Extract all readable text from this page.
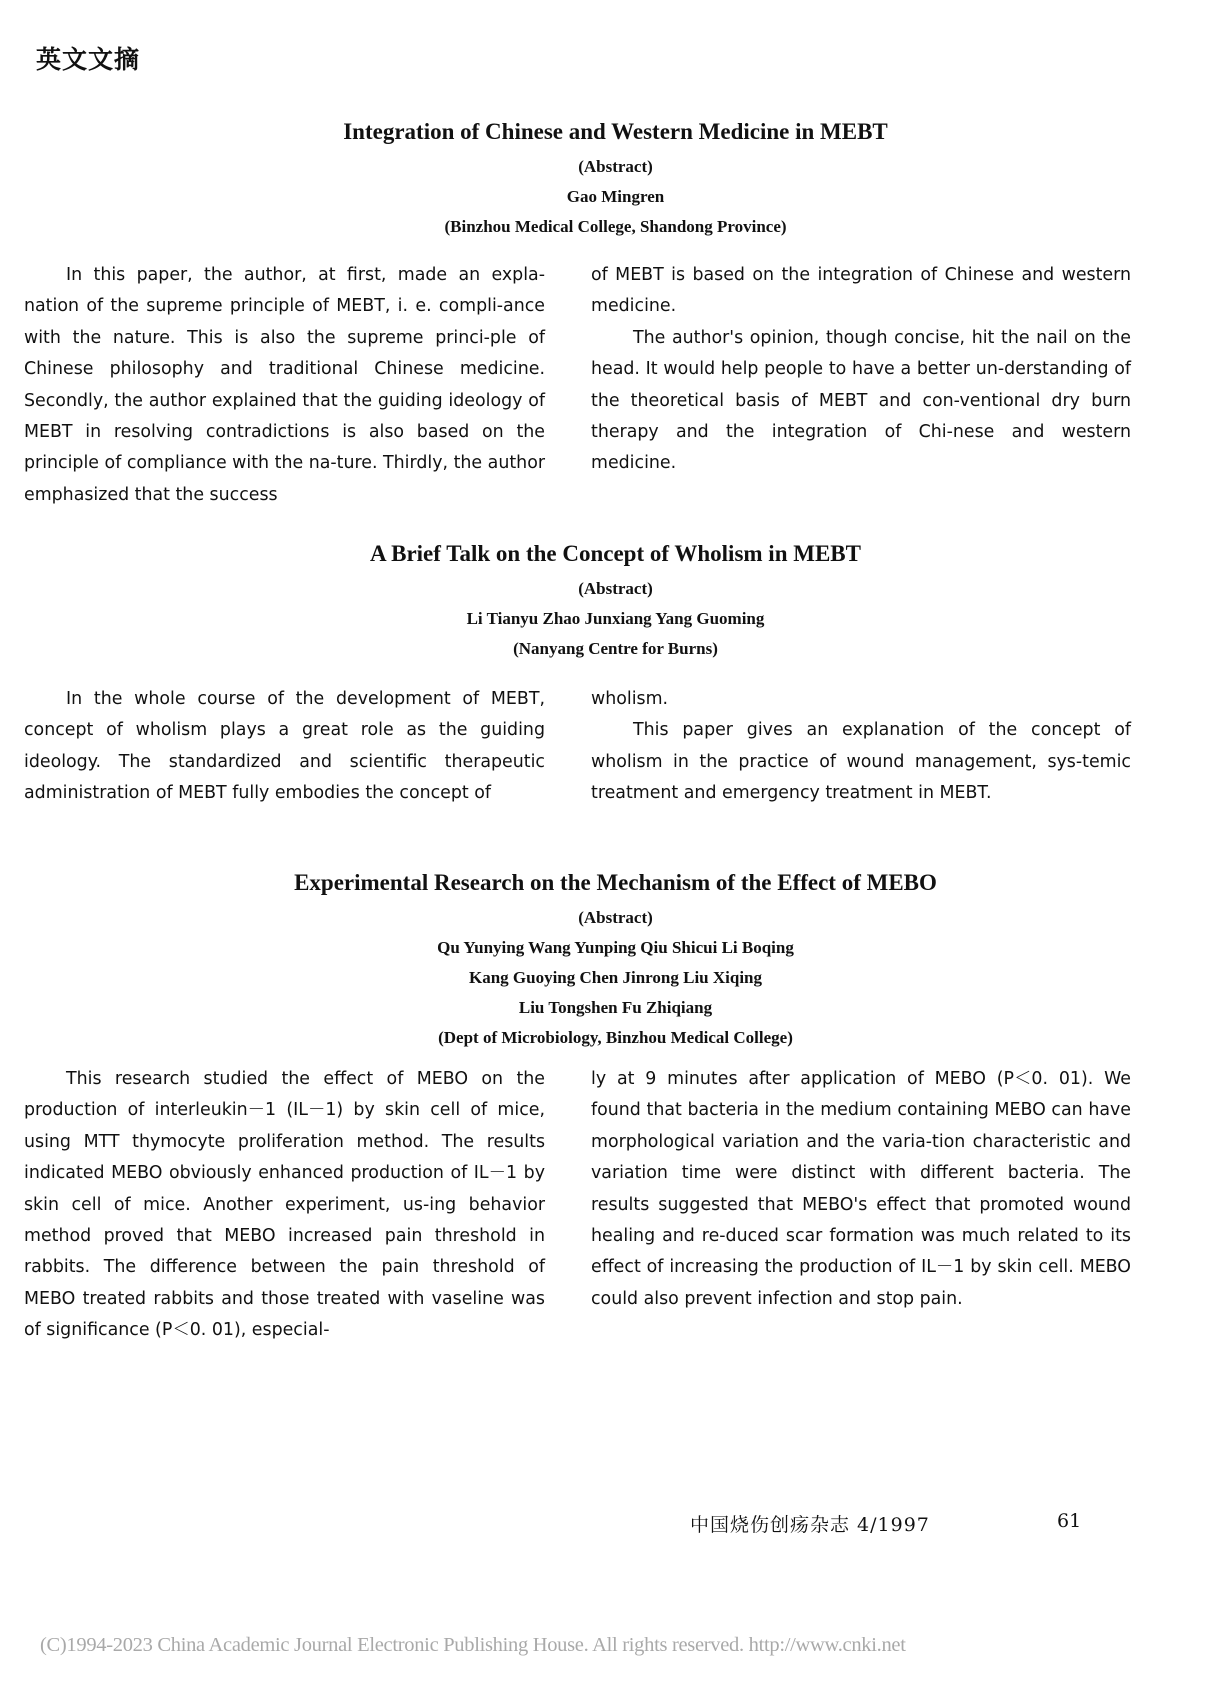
英文文摘
Integration of Chinese and Western Medicine in MEBT
(Abstract)
Gao Mingren
(Binzhou Medical College, Shandong Province)

In this paper, the author, at first, made an expla-nation of the supreme principle of MEBT, i. e. compli-ance with the nature. This is also the supreme princi-ple of Chinese philosophy and traditional Chinese medicine. Secondly, the author explained that the guiding ideology of MEBT in resolving contradictions is also based on the principle of compliance with the na-ture. Thirdly, the author emphasized that the success

of MEBT is based on the integration of Chinese and western medicine.

The author's opinion, though concise, hit the nail on the head. It would help people to have a better un-derstanding of the theoretical basis of MEBT and con-ventional dry burn therapy and the integration of Chi-nese and western medicine.

A Brief Talk on the Concept of Wholism in MEBT
(Abstract)
Li Tianyu Zhao Junxiang Yang Guoming
(Nanyang Centre for Burns)

In the whole course of the development of MEBT, concept of wholism plays a great role as the guiding ideology. The standardized and scientific therapeutic administration of MEBT fully embodies the concept of

wholism.

This paper gives an explanation of the concept of wholism in the practice of wound management, sys-temic treatment and emergency treatment in MEBT.

Experimental Research on the Mechanism of the Effect of MEBO
(Abstract)
Qu Yunying Wang Yunping Qiu Shicui Li Boqing
Kang Guoying Chen Jinrong Liu Xiqing
Liu Tongshen Fu Zhiqiang
(Dept of Microbiology, Binzhou Medical College)

This research studied the effect of MEBO on the production of interleukin－1 (IL－1) by skin cell of mice, using MTT thymocyte proliferation method. The results indicated MEBO obviously enhanced production of IL－1 by skin cell of mice. Another experiment, us-ing behavior method proved that MEBO increased pain threshold in rabbits. The difference between the pain threshold of MEBO treated rabbits and those treated with vaseline was of significance (P＜0. 01), especial-

ly at 9 minutes after application of MEBO (P＜0. 01). We found that bacteria in the medium containing MEBO can have morphological variation and the varia-tion characteristic and variation time were distinct with different bacteria. The results suggested that MEBO's effect that promoted wound healing and re-duced scar formation was much related to its effect of increasing the production of IL－1 by skin cell. MEBO could also prevent infection and stop pain.

中国烧伤创疡杂志 4/1997	61
(C)1994-2023 China Academic Journal Electronic Publishing House. All rights reserved. http://www.cnki.net
